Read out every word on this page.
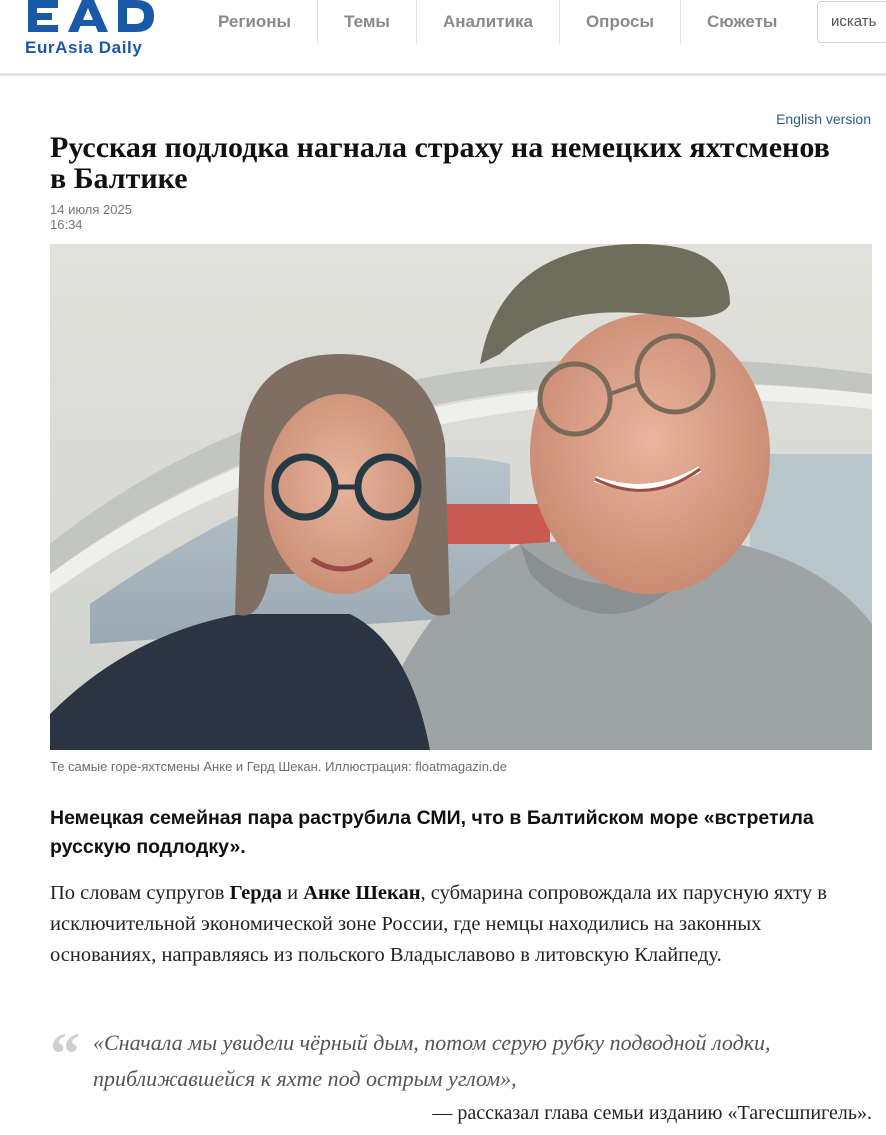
EurAsia Daily
Регионы	Темы	Аналитика	Опросы	Сюжеты	искать
English version
Русская подлодка нагнала страху на немецких яхтсменов в Балтике
14 июля 2025
16:34
Те самые горе-яхтсмены Анке и Герд Шекан. Иллюстрация: floatmagazin.de

Немецкая семейная пара раструбила СМИ, что в Балтийском море «встретила русскую подлодку».

По словам супругов Герда и Анке Шекан, субмарина сопровождала их парусную яхту в исключительной экономической зоне России, где немцы находились на законных основаниях, направляясь из польского Владыславово в литовскую Клайпеду.

“ «Сначала мы увидели чёрный дым, потом серую рубку подводной лодки, приближавшейся к яхте под острым углом»,

— рассказал глава семьи изданию «Тагесшпигель».
